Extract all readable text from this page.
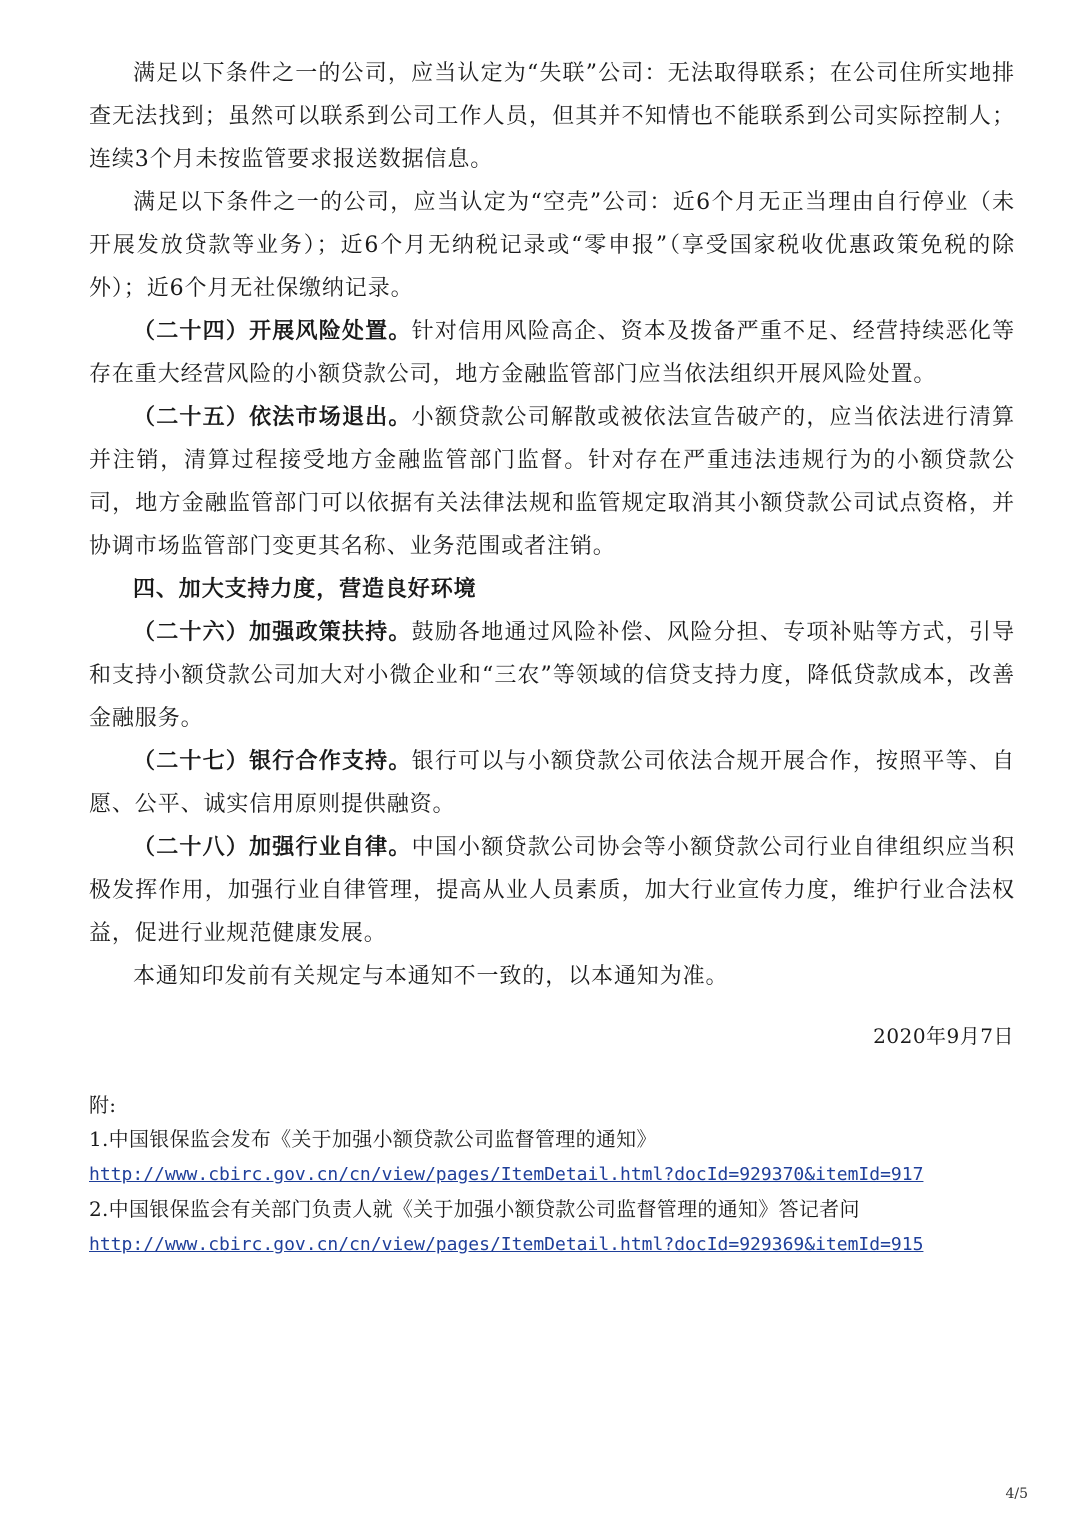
满足以下条件之一的公司，应当认定为“失联”公司：无法取得联系；在公司住所实地排查无法找到；虽然可以联系到公司工作人员，但其并不知情也不能联系到公司实际控制人；连续3个月未按监管要求报送数据信息。

满足以下条件之一的公司，应当认定为“空壳”公司：近6个月无正当理由自行停业（未开展发放贷款等业务）；近6个月无纳税记录或“零申报”（享受国家税收优惠政策免税的除外）；近6个月无社保缴纳记录。

（二十四）开展风险处置。针对信用风险高企、资本及拨备严重不足、经营持续恶化等存在重大经营风险的小额贷款公司，地方金融监管部门应当依法组织开展风险处置。

（二十五）依法市场退出。小额贷款公司解散或被依法宣告破产的，应当依法进行清算并注销，清算过程接受地方金融监管部门监督。针对存在严重违法违规行为的小额贷款公司，地方金融监管部门可以依据有关法律法规和监管规定取消其小额贷款公司试点资格，并协调市场监管部门变更其名称、业务范围或者注销。

四、加大支持力度，营造良好环境

（二十六）加强政策扶持。鼓励各地通过风险补偿、风险分担、专项补贴等方式，引导和支持小额贷款公司加大对小微企业和“三农”等领域的信贷支持力度，降低贷款成本，改善金融服务。

（二十七）银行合作支持。银行可以与小额贷款公司依法合规开展合作，按照平等、自愿、公平、诚实信用原则提供融资。

（二十八）加强行业自律。中国小额贷款公司协会等小额贷款公司行业自律组织应当积极发挥作用，加强行业自律管理，提高从业人员素质，加大行业宣传力度，维护行业合法权益，促进行业规范健康发展。

本通知印发前有关规定与本通知不一致的，以本通知为准。

2020年9月7日

附:

1.中国银保监会发布《关于加强小额贷款公司监督管理的通知》

http://www.cbirc.gov.cn/cn/view/pages/ItemDetail.html?docId=929370&itemId=917

2.中国银保监会有关部门负责人就《关于加强小额贷款公司监督管理的通知》答记者问

http://www.cbirc.gov.cn/cn/view/pages/ItemDetail.html?docId=929369&itemId=915

4/5
